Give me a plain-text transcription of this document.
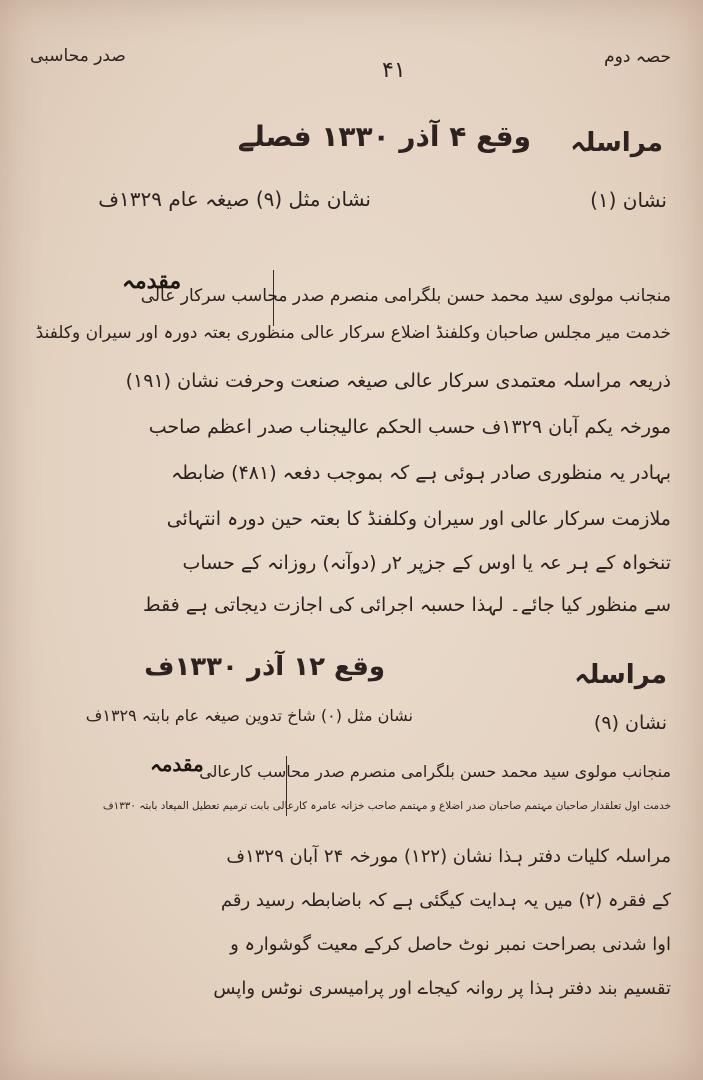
حصہ دوم
۴۱
صدر محاسبی
مراسلہ
وقع ۴ آذر ۱۳۳۰ فصلے
نشان (۱)
نشان مثل (۹) صیغہ عام ۱۳۲۹ف
مقدمہ
منجانب مولوی سید محمد حسن بلگرامی منصرم صدر محاسب سرکار عالی
خدمت میر مجلس صاحبان وکلفنڈ اضلاع سرکار عالی منظوری بعتہ دورہ اور سیران وکلفنڈ
ذریعہ مراسلہ معتمدی سرکار عالی صیغہ صنعت وحرفت نشان (۱۹۱)
مورخہ یکم آبان ۱۳۲۹ف حسب الحکم عالیجناب صدر اعظم صاحب
بہادر یہ منظوری صادر ہوئی ہے کہ بموجب دفعہ (۴۸۱) ضابطہ
ملازمت سرکار عالی اور سیران وکلفنڈ کا بعتہ حین دورہ انتہائی
تنخواہ کے ہر عہ یا اوس کے جزپر ۲ر (دوآنہ) روزانہ کے حساب
سے منظور کیا جائے۔ لہذا حسبہ اجرائی کی اجازت دیجاتی ہے فقط
مراسلہ
وقع ۱۲ آذر ۱۳۳۰ف
نشان (۹)
نشان مثل (۰) شاخ تدوین صیغہ عام بابتہ ۱۳۲۹ف
مقدمہ
منجانب مولوی سید محمد حسن بلگرامی منصرم صدر محاسب کارعالی
خدمت اول تعلقدار صاحبان مہتمم صاحبان صدر اضلاع و مہتمم صاحب خزانہ عامرہ کارعالی بابت ترمیم تعطیل المیعاد بابتہ ۱۳۳۰ف
مراسلہ کلیات دفتر ہذا نشان (۱۲۲) مورخہ ۲۴ آبان ۱۳۲۹ف
کے فقرہ (۲) میں یہ ہدایت کیگئی ہے کہ باضابطہ رسید رقم
اوا شدنی بصراحت نمبر نوٹ حاصل کرکے معیت گوشوارہ و
تقسیم بند دفتر ہذا پر روانہ کیجاے اور پرامیسری نوٹس واپس
